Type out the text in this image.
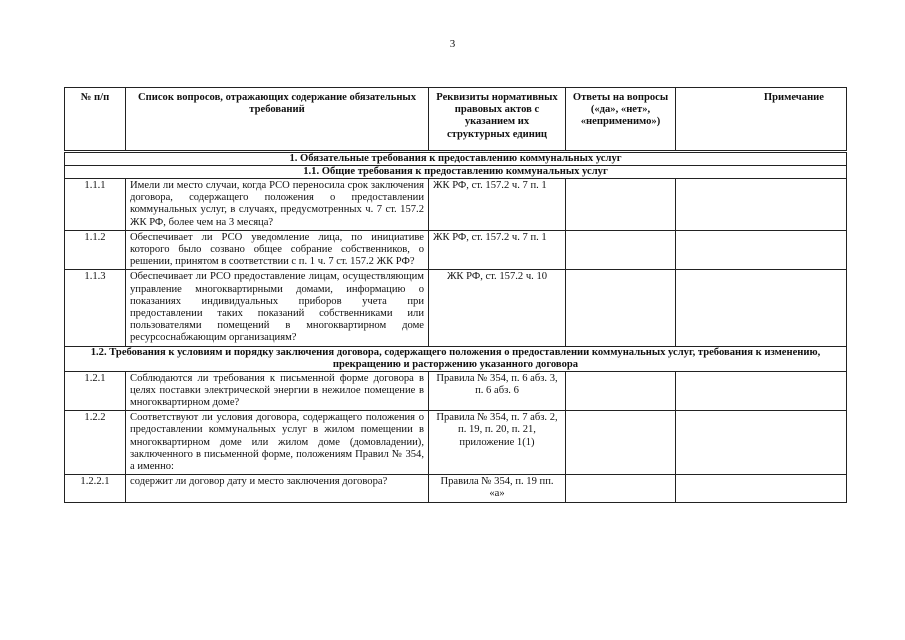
3
№ п/п	Список вопросов, отражающих содержание обязательных требований	Реквизиты нормативных правовых актов с указанием их структурных единиц	Ответы на вопросы («да», «нет», «неприменимо»)	Примечание
1. Обязательные требования к предоставлению коммунальных услуг				
1.1. Общие требования к предоставлению коммунальных услуг				
1.1.1	Имели ли место случаи, когда РСО переносила срок заключения договора, содержащего положения о предоставлении коммунальных услуг, в случаях, предусмотренных ч. 7 ст. 157.2 ЖК РФ, более чем на 3 месяца?	ЖК РФ, ст. 157.2 ч. 7 п. 1		
1.1.2	Обеспечивает ли РСО уведомление лица, по инициативе которого было созвано общее собрание собственников, о решении, принятом в соответствии с п. 1 ч. 7 ст. 157.2 ЖК РФ?	ЖК РФ, ст. 157.2 ч. 7 п. 1		
1.1.3	Обеспечивает ли РСО предоставление лицам, осуществляющим управление многоквартирными домами, информацию о показаниях индивидуальных приборов учета при предоставлении таких показаний собственниками или пользователями помещений в многоквартирном доме ресурсоснабжающим организациям?	ЖК РФ, ст. 157.2 ч. 10		
1.2. Требования к условиям и порядку заключения договора, содержащего положения о предоставлении коммунальных услуг, требования к изменению, прекращению и расторжению указанного договора				
1.2.1	Соблюдаются ли требования к письменной форме договора в целях поставки электрической энергии в нежилое помещение в многоквартирном доме?	Правила № 354, п. 6 абз. 3, п. 6 абз. 6		
1.2.2	Соответствуют ли условия договора, содержащего положения о предоставлении коммунальных услуг в жилом помещении в многоквартирном доме или жилом доме (домовладении), заключенного в письменной форме, положениям Правил № 354, а именно:	Правила № 354, п. 7 абз. 2, п. 19, п. 20, п. 21, приложение 1(1)		
1.2.2.1	содержит ли договор дату и место заключения договора?	Правила № 354, п. 19 пп. «а»		
